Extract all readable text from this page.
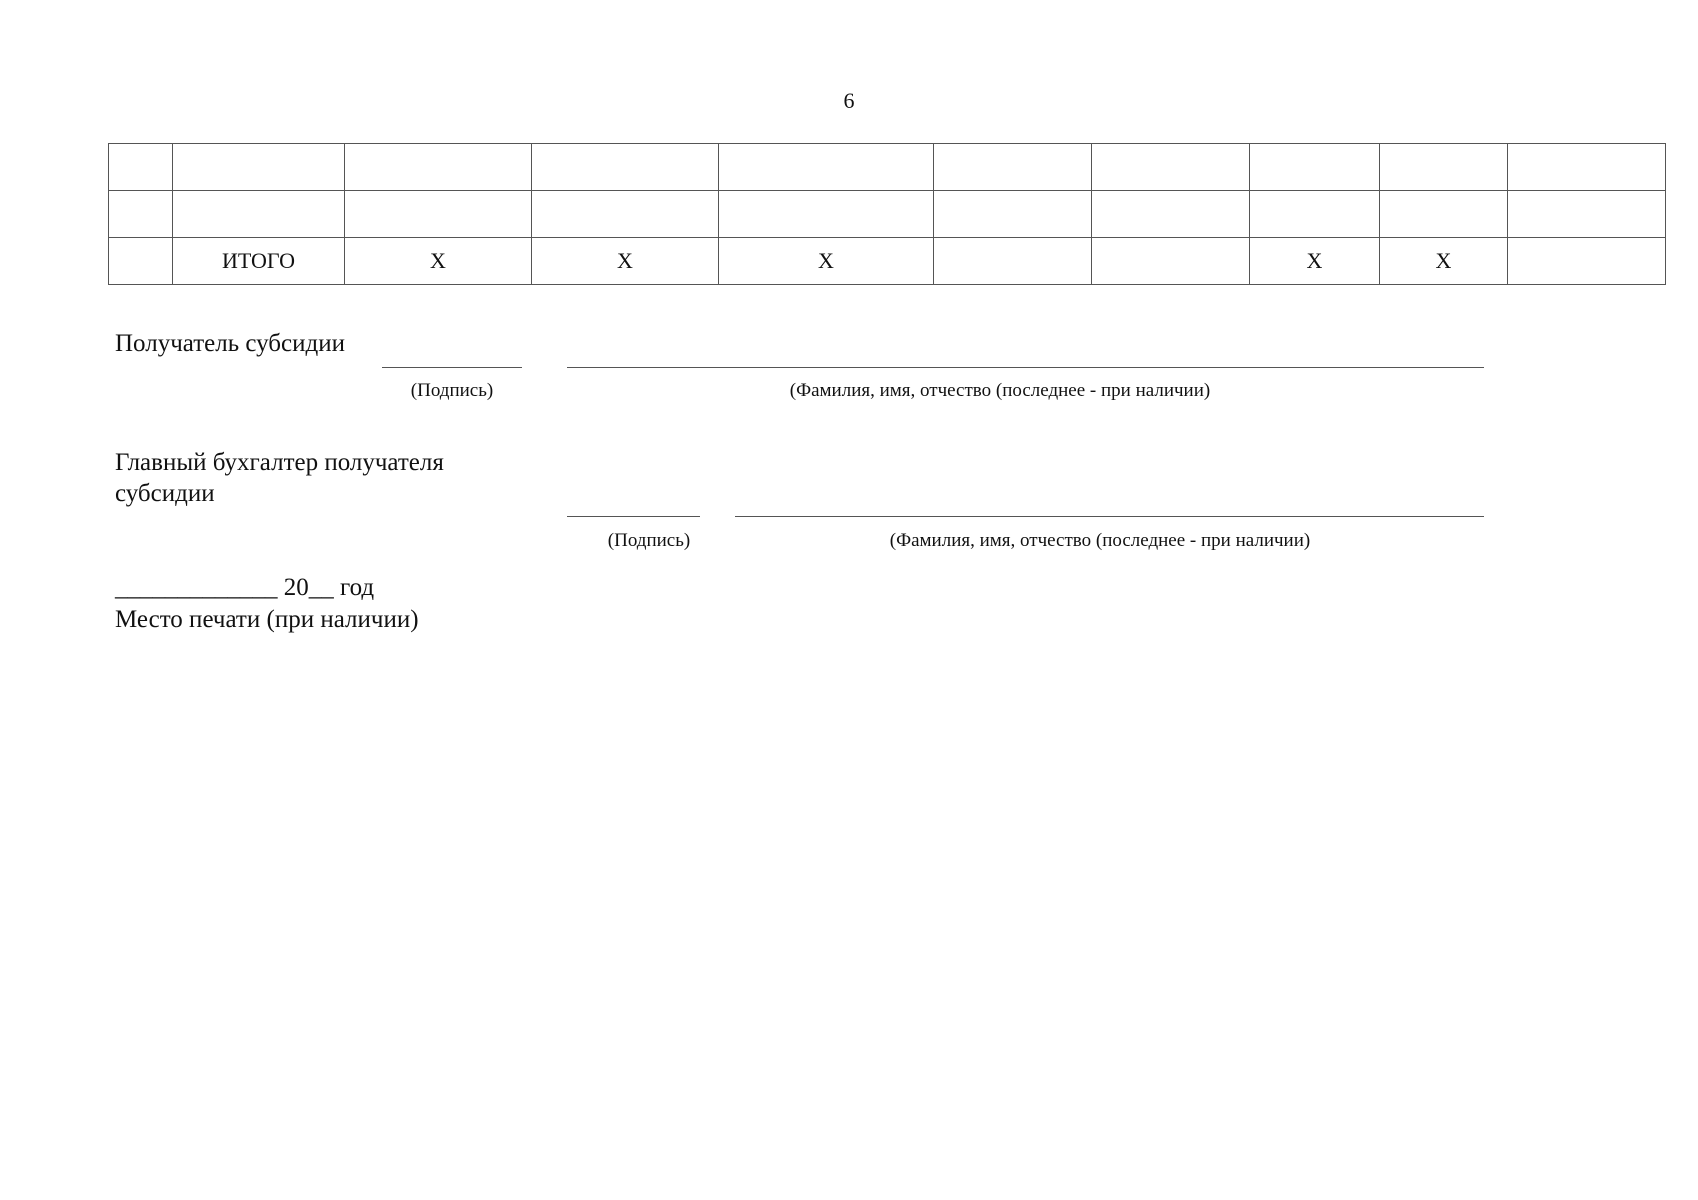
6

	ИТОГО	Х	Х	Х			Х	Х	
Получатель субсидии
(Подпись)	(Фамилия, имя, отчество (последнее - при наличии)
Главный бухгалтер получателя
субсидии
(Подпись)	(Фамилия, имя, отчество (последнее - при наличии)
_____________ 20__ год
Место печати (при наличии)
